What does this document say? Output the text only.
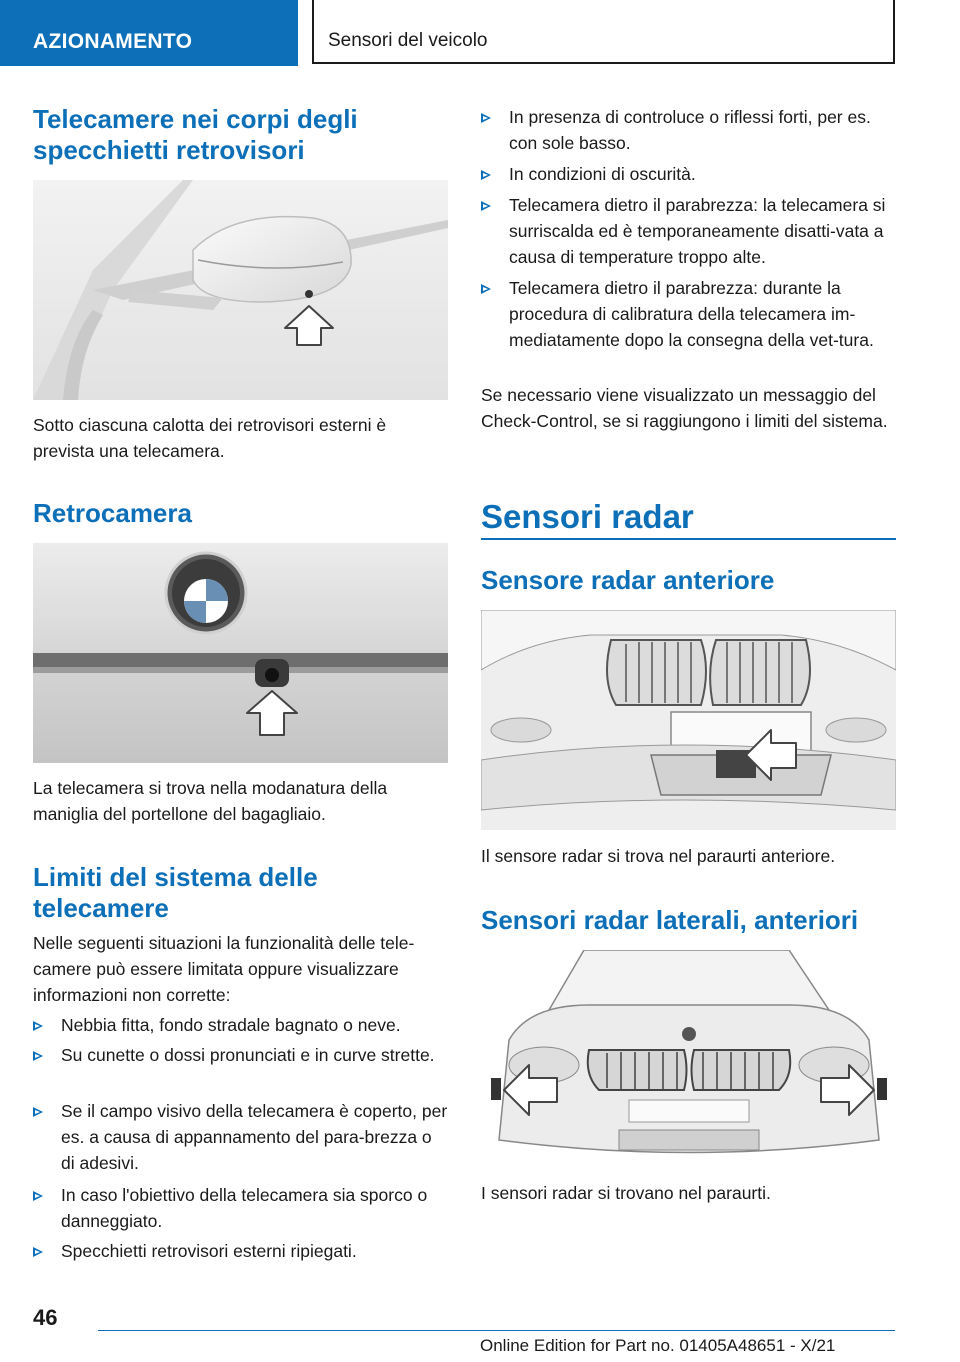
AZIONAMENTO	Sensori del veicolo
Telecamere nei corpi degli specchietti retrovisori
Sotto ciascuna calotta dei retrovisori esterni è prevista una telecamera.
Retrocamera
La telecamera si trova nella modanatura della maniglia del portellone del bagagliaio.
Limiti del sistema delle telecamere
Nelle seguenti situazioni la funzionalità delle tele-camere può essere limitata oppure visualizzare informazioni non corrette:
Nebbia fitta, fondo stradale bagnato o neve.
Su cunette o dossi pronunciati e in curve strette.
Se il campo visivo della telecamera è coperto, per es. a causa di appannamento del para-brezza o di adesivi.
In caso l'obiettivo della telecamera sia sporco o danneggiato.
Specchietti retrovisori esterni ripiegati.
In presenza di controluce o riflessi forti, per es. con sole basso.
In condizioni di oscurità.
Telecamera dietro il parabrezza: la telecamera si surriscalda ed è temporaneamente disatti-vata a causa di temperature troppo alte.
Telecamera dietro il parabrezza: durante la procedura di calibratura della telecamera im-mediatamente dopo la consegna della vet-tura.
Se necessario viene visualizzato un messaggio del Check-Control, se si raggiungono i limiti del sistema.
Sensori radar
Sensore radar anteriore
Il sensore radar si trova nel paraurti anteriore.
Sensori radar laterali, anteriori
I sensori radar si trovano nel paraurti.
46
Online Edition for Part no. 01405A48651 - X/21
